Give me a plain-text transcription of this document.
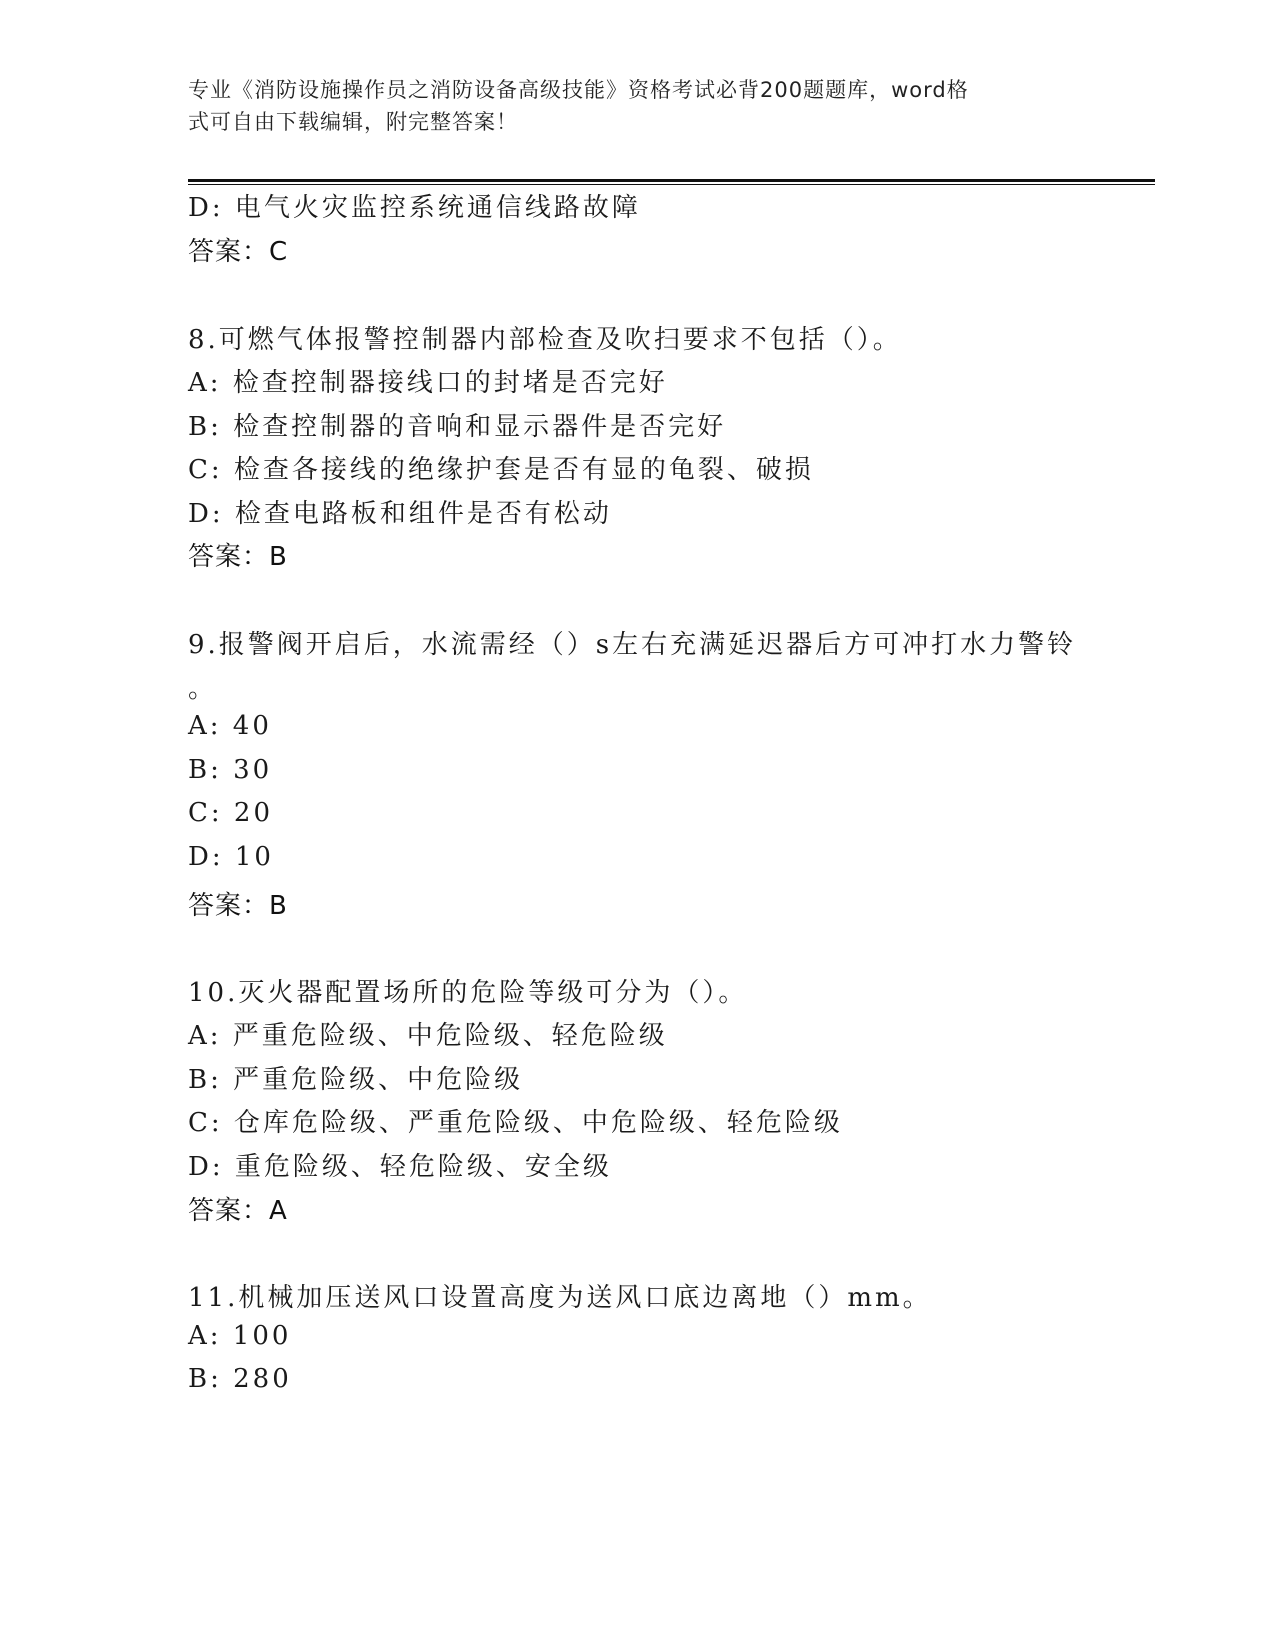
专业《消防设施操作员之消防设备高级技能》资格考试必背200题题库，word格
式可自由下载编辑，附完整答案！
D: 电气火灾监控系统通信线路故障
答案：C
8.可燃气体报警控制器内部检查及吹扫要求不包括（）。
A: 检查控制器接线口的封堵是否完好
B: 检查控制器的音响和显示器件是否完好
C: 检查各接线的绝缘护套是否有显的龟裂、破损
D: 检查电路板和组件是否有松动
答案：B
9.报警阀开启后，水流需经（）s左右充满延迟器后方可冲打水力警铃
。
A: 40
B: 30
C: 20
D: 10
答案：B
10.灭火器配置场所的危险等级可分为（）。
A: 严重危险级、中危险级、轻危险级
B: 严重危险级、中危险级
C: 仓库危险级、严重危险级、中危险级、轻危险级
D: 重危险级、轻危险级、安全级
答案：A
11.机械加压送风口设置高度为送风口底边离地（）mm。
A: 100
B: 280
